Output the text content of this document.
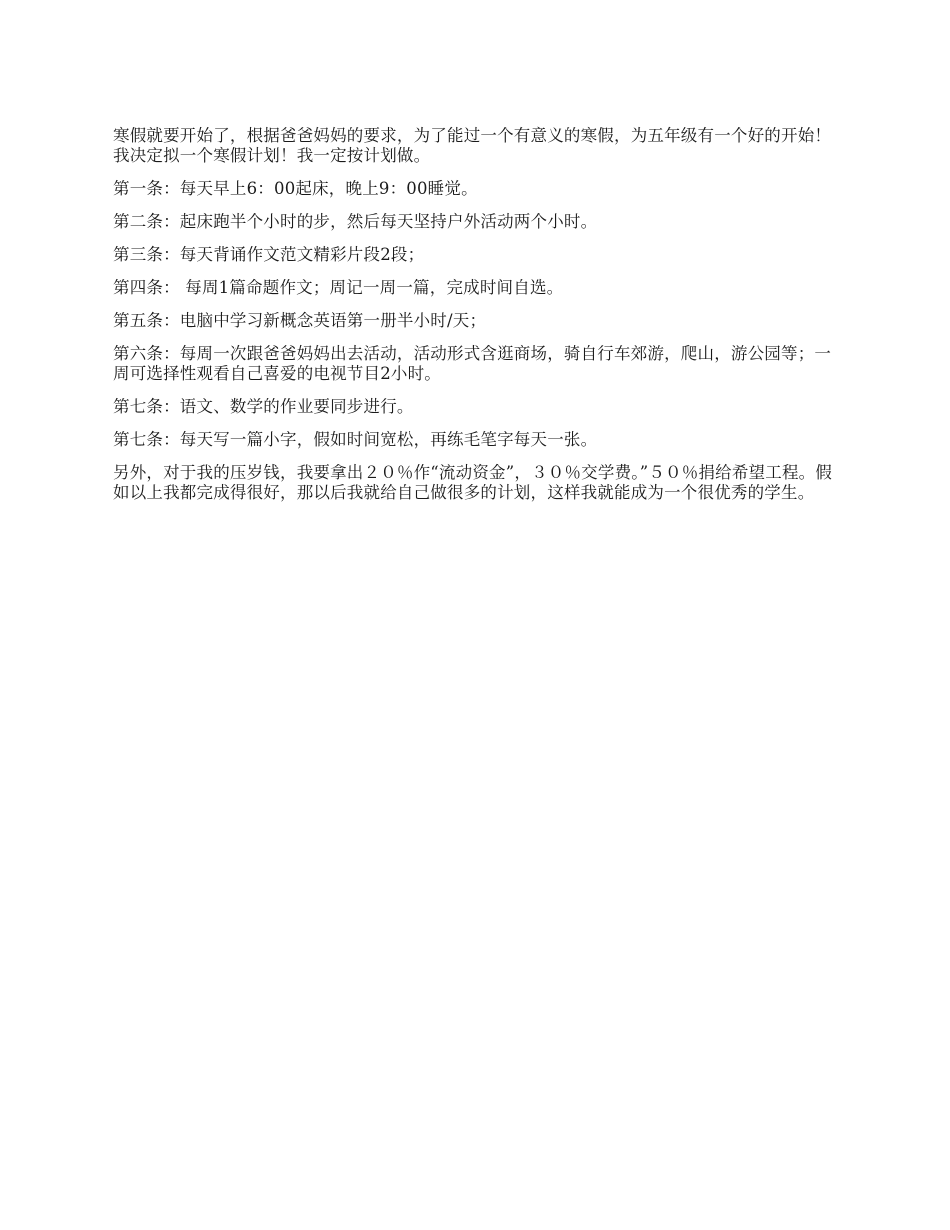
寒假就要开始了，根据爸爸妈妈的要求，为了能过一个有意义的寒假，为五年级有一个好的开始！我决定拟一个寒假计划！我一定按计划做。

第一条：每天早上6：00起床，晚上9：00睡觉。

第二条：起床跑半个小时的步，然后每天坚持户外活动两个小时。

第三条：每天背诵作文范文精彩片段2段；

第四条： 每周1篇命题作文；周记一周一篇，完成时间自选。

第五条：电脑中学习新概念英语第一册半小时/天；

第六条：每周一次跟爸爸妈妈出去活动，活动形式含逛商场，骑自行车郊游，爬山，游公园等；一周可选择性观看自己喜爱的电视节目2小时。

第七条：语文、数学的作业要同步进行。

第七条：每天写一篇小字，假如时间宽松，再练毛笔字每天一张。

另外，对于我的压岁钱，我要拿出２０％作“流动资金”，３０％交学费。”５０％捐给希望工程。假如以上我都完成得很好，那以后我就给自己做很多的计划，这样我就能成为一个很优秀的学生。
